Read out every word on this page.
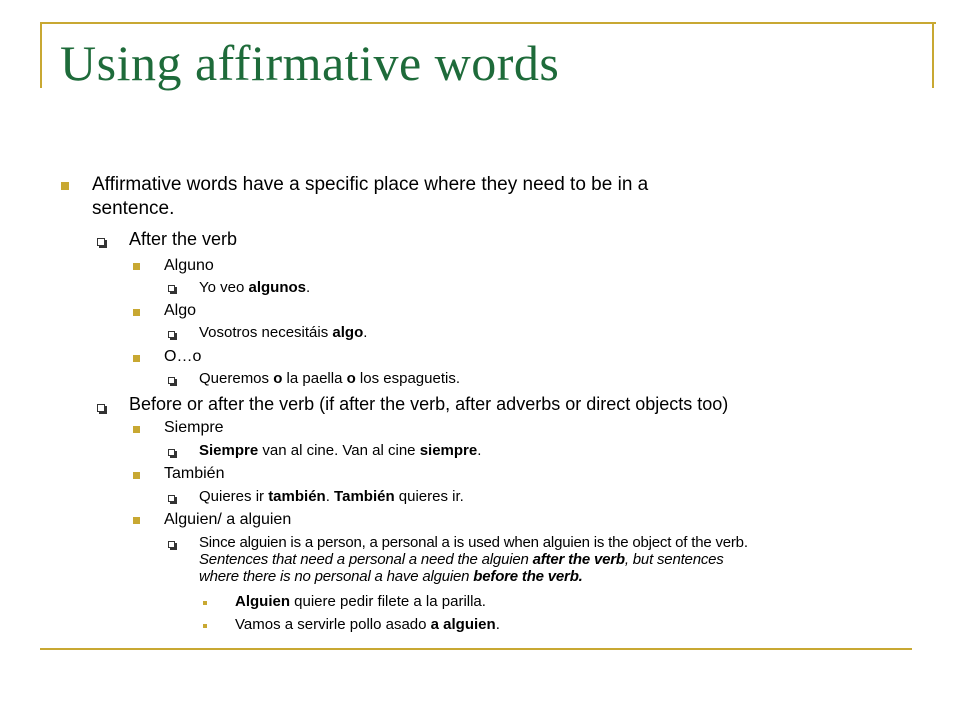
Using affirmative words
Affirmative words have a specific place where they need to be in a
sentence.
After the verb
Alguno
Yo veo algunos.
Algo
Vosotros necesitáis algo.
O…o
Queremos o la paella o los espaguetis.
Before or after the verb (if after the verb, after adverbs or direct objects too)
Siempre
Siempre van al cine. Van al cine siempre.
También
Quieres ir también. También quieres ir.
Alguien/ a alguien
Since alguien is a person, a personal a is used when alguien is the object of the verb.
Sentences that need a personal a need the alguien after the verb, but sentences
where there is no personal a have alguien before the verb.
Alguien quiere pedir filete a la parilla.
Vamos a servirle pollo asado a alguien.
